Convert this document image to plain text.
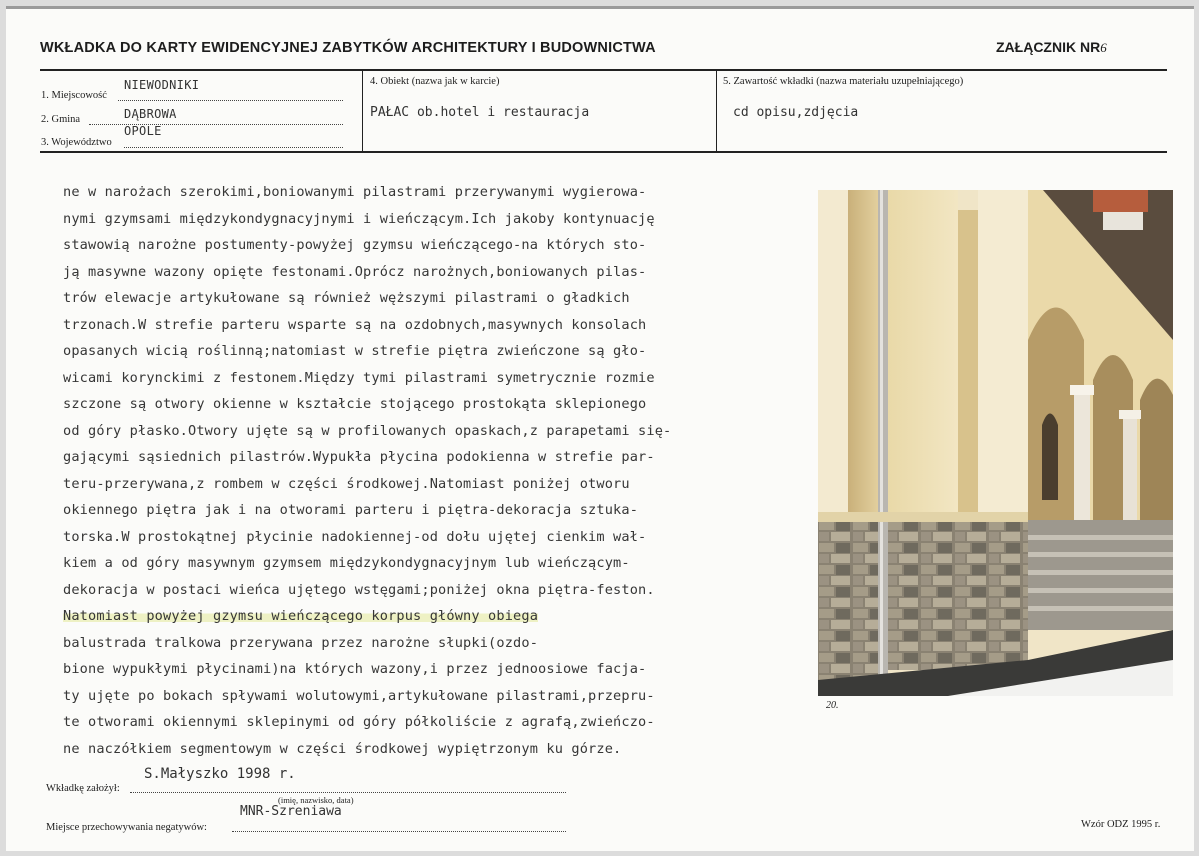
WKŁADKA DO KARTY EWIDENCYJNEJ ZABYTKÓW ARCHITEKTURY I BUDOWNICTWA	ZAŁĄCZNIK NR6
1. Miejscowość
NIEWODNIKI
2. Gmina	DĄBROWA
3. Województwo
OPOLE
4. Obiekt (nazwa jak w karcie)
PAŁAC ob.hotel i restauracja
5. Zawartość wkładki (nazwa materiału uzupełniającego)
cd opisu,zdjęcia
ne w narożach szerokimi,boniowanymi pilastrami przerywanymi wygierowa-
nymi gzymsami międzykondygnacyjnymi i wieńczącym.Ich jakoby kontynuację
stawowią narożne postumenty-powyżej gzymsu wieńczącego-na których sto-
ją masywne wazony opięte festonami.Oprócz narożnych,boniowanych pilas-
trów elewacje artykułowane są również węższymi pilastrami o gładkich
trzonach.W strefie parteru wsparte są na ozdobnych,masywnych konsolach
opasanych wicią roślinną;natomiast w strefie piętra zwieńczone są gło-
wicami korynckimi z festonem.Między tymi pilastrami symetrycznie rozmie
szczone są otwory okienne w kształcie stojącego prostokąta sklepionego
od góry płasko.Otwory ujęte są w profilowanych opaskach,z parapetami się-
gającymi sąsiednich pilastrów.Wypukła płycina podokienna w strefie par-
teru-przerywana,z rombem w części środkowej.Natomiast poniżej otworu
okiennego piętra jak i na otworami parteru i piętra-dekoracja sztuka-
torska.W prostokątnej płycinie nadokiennej-od dołu ujętej cienkim wał-
kiem a od góry masywnym gzymsem międzykondygnacyjnym lub wieńczącym-
dekoracja w postaci wieńca ujętego wstęgami;poniżej okna piętra-feston.
Natomiast powyżej gzymsu wieńczącego korpus główny obiega
balustrada tralkowa przerywana przez narożne słupki(ozdo-
bione wypukłymi płycinami)na których wazony,i przez jednoosiowe facja-
ty ujęte po bokach spływami wolutowymi,artykułowane pilastrami,przepru-
te otworami okiennymi sklepinymi od góry półkoliście z agrafą,zwieńczo-
ne naczółkiem segmentowym w części środkowej wypiętrzonym ku górze.
20.
Wkładkę założył:
S.Małyszko 1998 r.
(imię, nazwisko, data)
Miejsce przechowywania negatywów:
MNR-Szreniawa
Wzór ODZ 1995 r.
